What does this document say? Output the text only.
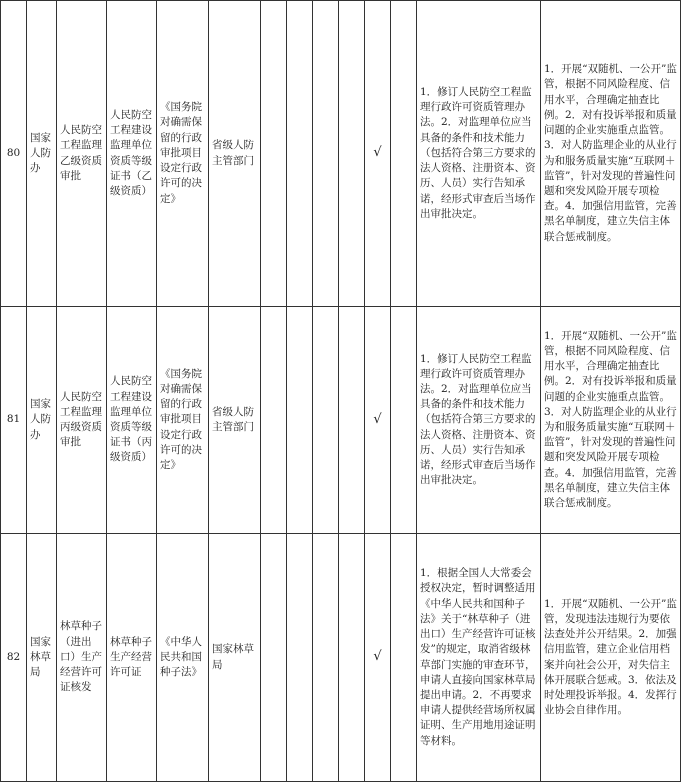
80	国家人防办	人民防空工程监理乙级资质审批	人民防空工程建设监理单位资质等级证书（乙级资质）	《国务院对确需保留的行政审批项目设定行政许可的决定》	省级人防主管部门					√		1．修订人民防空工程监理行政许可资质管理办法。2．对监理单位应当具备的条件和技术能力（包括符合第三方要求的法人资格、注册资本、资历、人员）实行告知承诺，经形式审查后当场作出审批决定。	1．开展“双随机、一公开”监管，根据不同风险程度、信用水平，合理确定抽查比例。2．对有投诉举报和质量问题的企业实施重点监管。3．对人防监理企业的从业行为和服务质量实施“互联网＋监管”，针对发现的普遍性问题和突发风险开展专项检查。4．加强信用监管，完善黑名单制度，建立失信主体联合惩戒制度。
81	国家人防办	人民防空工程监理丙级资质审批	人民防空工程建设监理单位资质等级证书（丙级资质）	《国务院对确需保留的行政审批项目设定行政许可的决定》	省级人防主管部门					√		1．修订人民防空工程监理行政许可资质管理办法。2．对监理单位应当具备的条件和技术能力（包括符合第三方要求的法人资格、注册资本、资历、人员）实行告知承诺，经形式审查后当场作出审批决定。	1．开展“双随机、一公开”监管，根据不同风险程度、信用水平，合理确定抽查比例。2．对有投诉举报和质量问题的企业实施重点监管。3．对人防监理企业的从业行为和服务质量实施“互联网＋监管”，针对发现的普遍性问题和突发风险开展专项检查。4．加强信用监管，完善黑名单制度，建立失信主体联合惩戒制度。
82	国家林草局	林草种子（进出口）生产经营许可证核发	林草种子生产经营许可证	《中华人民共和国种子法》	国家林草局					√		1．根据全国人大常委会授权决定，暂时调整适用《中华人民共和国种子法》关于“林草种子（进出口）生产经营许可证核发”的规定，取消省级林草部门实施的审查环节，申请人直接向国家林草局提出申请。2．不再要求申请人提供经营场所权属证明、生产用地用途证明等材料。	1．开展“双随机、一公开”监管，发现违法违规行为要依法查处并公开结果。2．加强信用监管，建立企业信用档案并向社会公开，对失信主体开展联合惩戒。3．依法及时处理投诉举报。4．发挥行业协会自律作用。
